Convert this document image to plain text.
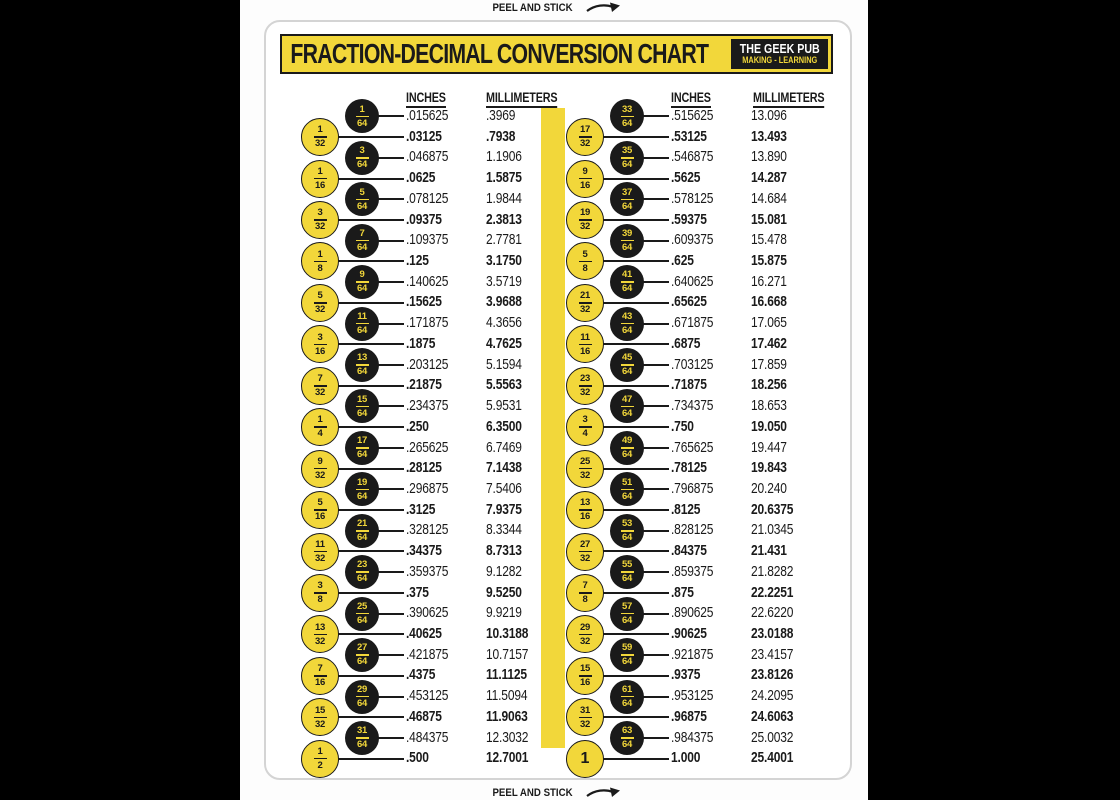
PEEL AND STICK
FRACTION-DECIMAL CONVERSION CHART THE GEEK PUB
MAKING - LEARNING
INCHES	MILLIMETERS	INCHES	MILLIMETERS
1
64	.015625	.3969
1
32	.03125	.7938
3
64	.046875	1.1906
1
16	.0625	1.5875
5
64	.078125	1.9844
3
32	.09375	2.3813
7
64	.109375	2.7781
1
8	.125	3.1750
9
64	.140625	3.5719
5
32	.15625	3.9688
11
64	.171875	4.3656
3
16	.1875	4.7625
13
64	.203125	5.1594
7
32	.21875	5.5563
15
64	.234375	5.9531
1
4	.250	6.3500
17
64	.265625	6.7469
9
32	.28125	7.1438
19
64	.296875	7.5406
5
16	.3125	7.9375
21
64	.328125	8.3344
11
32	.34375	8.7313
23
64	.359375	9.1282
3
8	.375	9.5250
25
64	.390625	9.9219
13
32	.40625	10.3188
27
64	.421875	10.7157
7
16	.4375	11.1125
29
64	.453125	11.5094
15
32	.46875	11.9063
31
64	.484375	12.3032
1
2	.500	12.7001
33
64	.515625	13.096
17
32	.53125	13.493
35
64	.546875	13.890
9
16	.5625	14.287
37
64	.578125	14.684
19
32	.59375	15.081
39
64	.609375	15.478
5
8	.625	15.875
41
64	.640625	16.271
21
32	.65625	16.668
43
64	.671875	17.065
11
16	.6875	17.462
45
64	.703125	17.859
23
32	.71875	18.256
47
64	.734375	18.653
3
4	.750	19.050
49
64	.765625	19.447
25
32	.78125	19.843
51
64	.796875	20.240
13
16	.8125	20.6375
53
64	.828125	21.0345
27
32	.84375	21.431
55
64	.859375	21.8282
7
8	.875	22.2251
57
64	.890625	22.6220
29
32	.90625	23.0188
59
64	.921875	23.4157
15
16	.9375	23.8126
61
64	.953125	24.2095
31
32	.96875	24.6063
63
64	.984375	25.0032
1	1.000	25.4001
PEEL AND STICK
